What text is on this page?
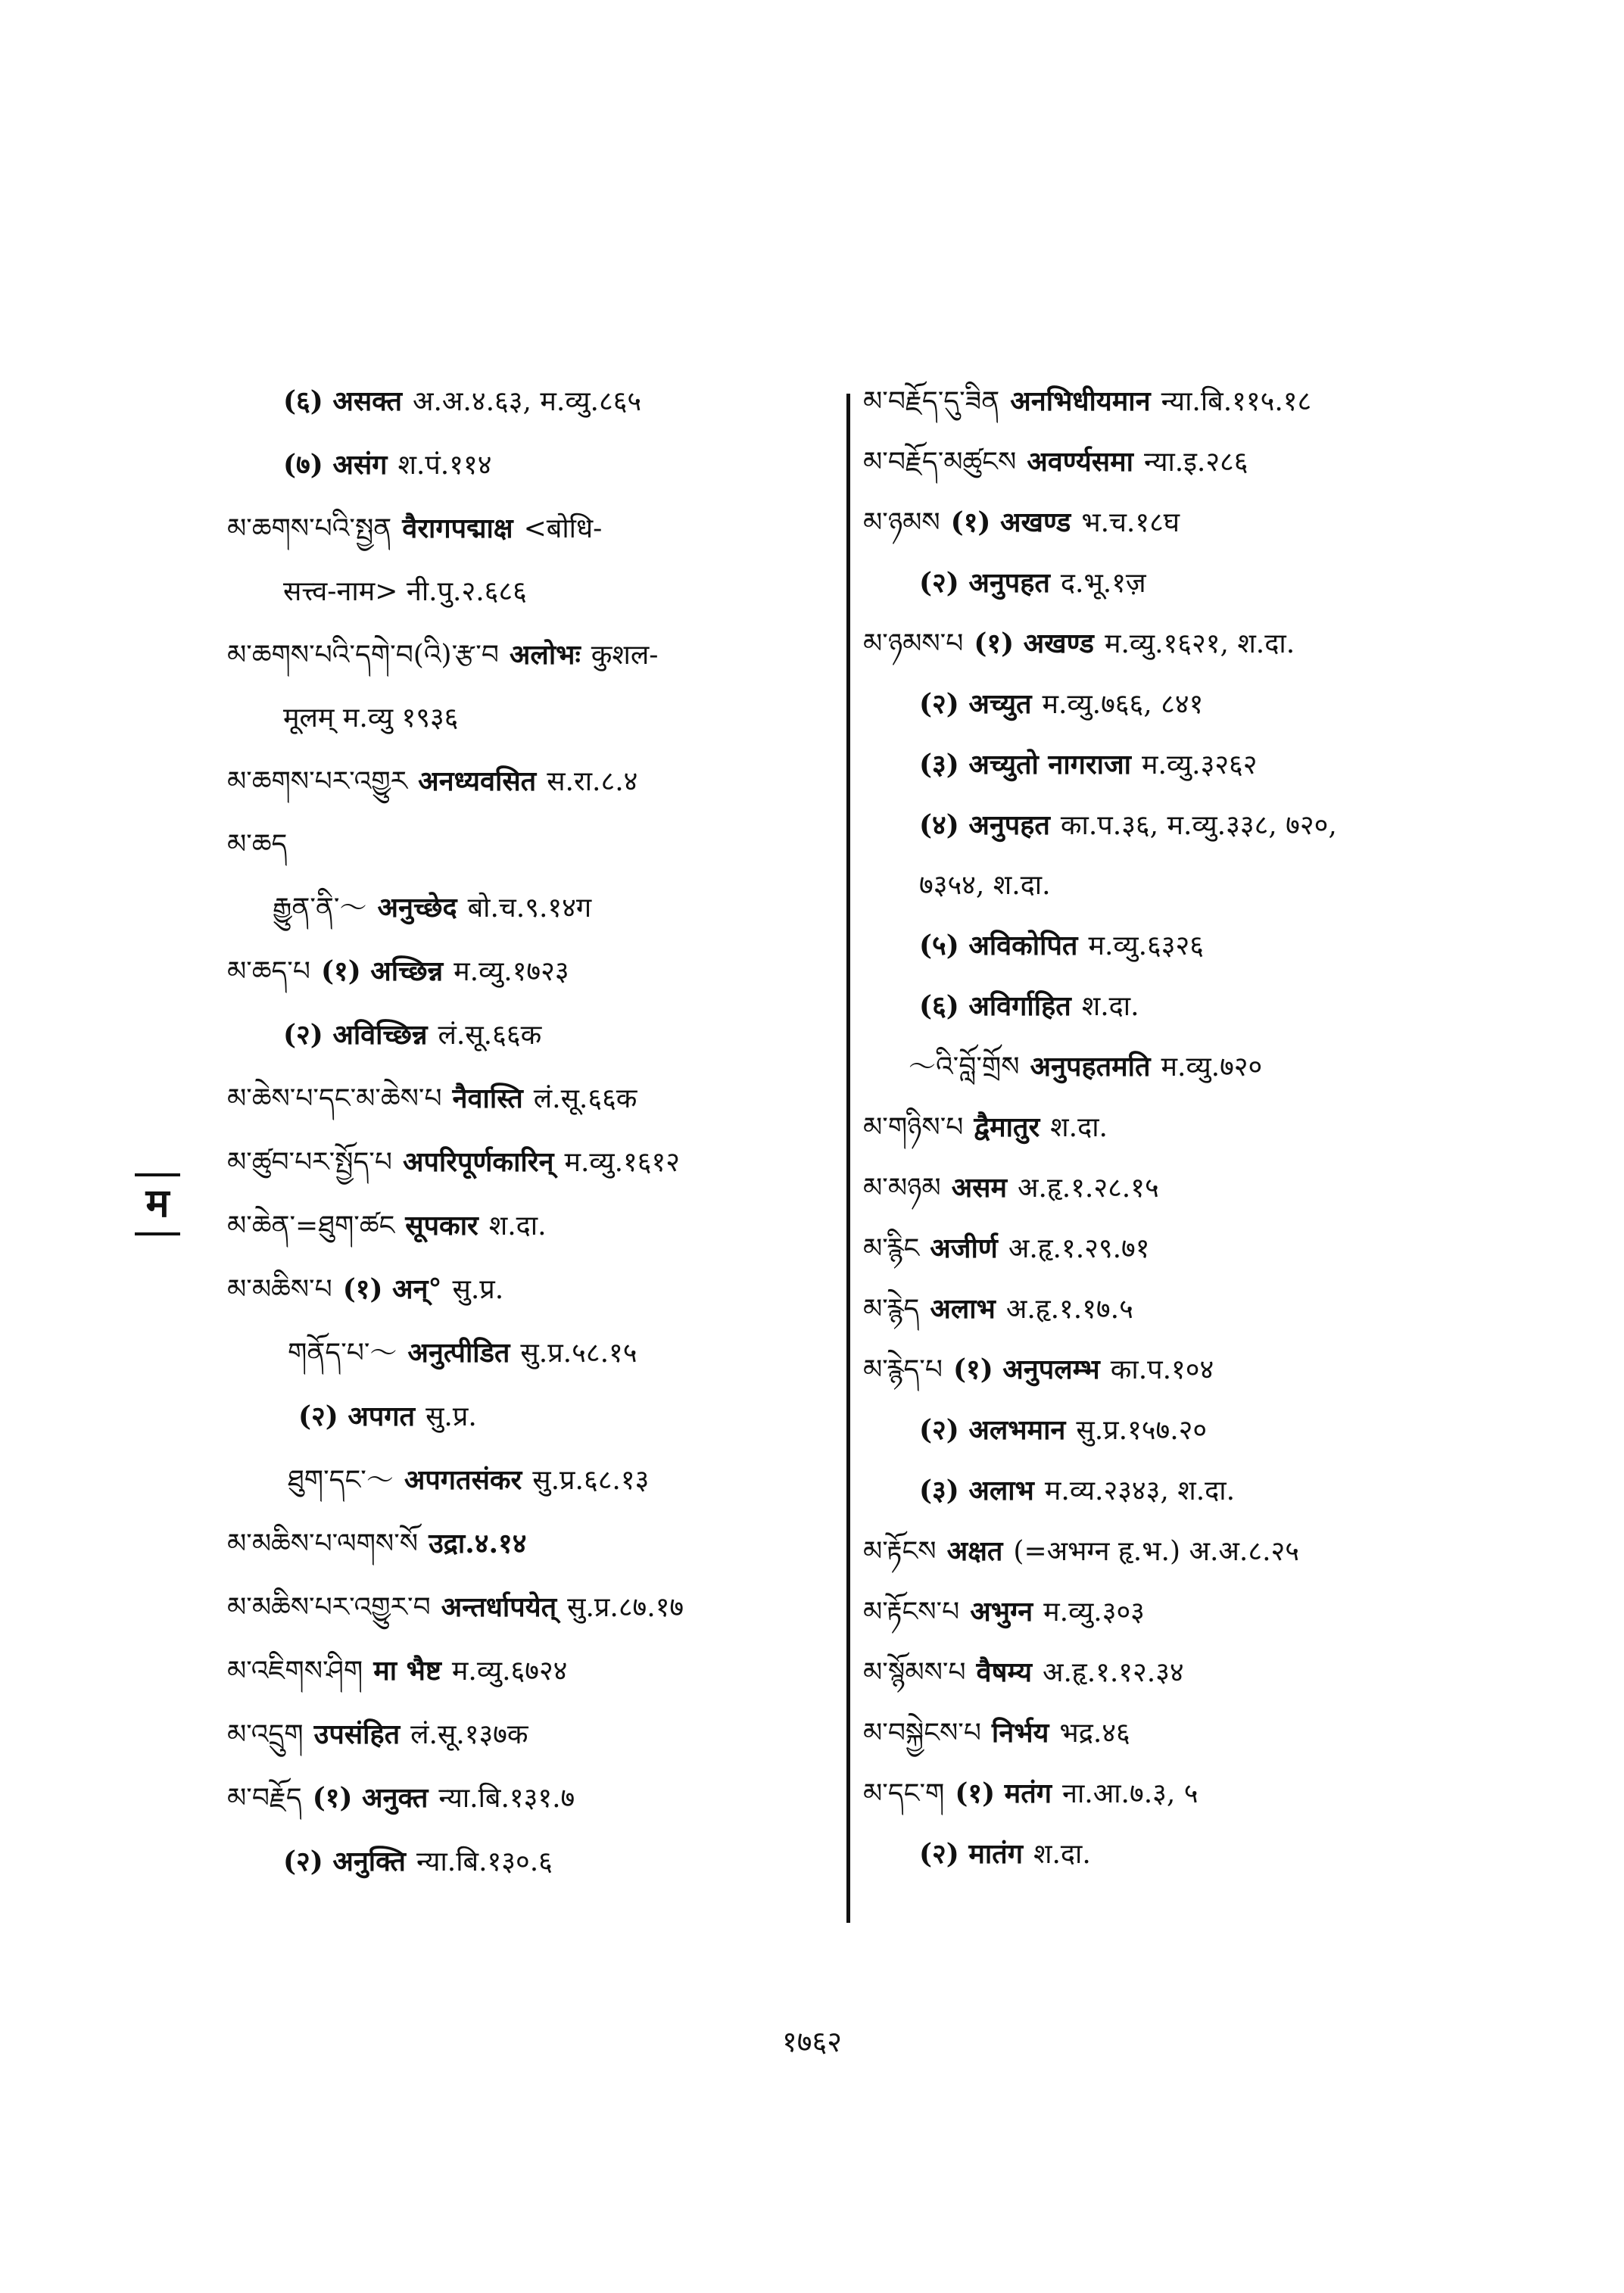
(६) असक्त अ.अ.४.६३, म.व्यु.८६५
(७) असंग श.पं.११४
མ་ཆགས་པའི་སྤྱན वैरागपद्माक्ष <बोधि-
सत्त्व-नाम> नी.पु.२.६८६
མ་ཆགས་པའི་དགེ་བ(འི)་རྩ་བ अलोभः कुशल-
मूलम् म.व्यु १९३६
མ་ཆགས་པར་འགྱུར अनध्यवसित स.रा.८.४
མ་ཆད
རྒྱུན་ནི་～ अनुच्छेद बो.च.९.१४ग
མ་ཆད་པ (१) अच्छिन्न म.व्यु.१७२३
(२) अविच्छिन्न लं.सू.६६क
མ་ཆེས་པ་དང་མ་ཆེས་པ नैवास्ति लं.सू.६६क
མ་ཚུབ་པར་སྤྱོད་པ अपरिपूर्णकारिन् म.व्यु.१६१२
མ་ཆེན་=ཐུག་ཚང सूपकार श.दा.
མ་མཆིས་པ (१) अन्° सु.प्र.
གནོད་པ་～ अनुत्पीडित सु.प्र.५८.१५
(२) अपगत सु.प्र.
ཐུག་དང་～ अपगतसंकर सु.प्र.६८.१३
མ་མཆིས་པ་ལགས་སོ उद्रा.४.१४
མ་མཆིས་པར་འགྱུར་བ अन्तर्धापयेत् सु.प्र.८७.१७
མ་འཇིགས་ཤིག मा भैष्ट म.व्यु.६७२४
མ་འདྲུག उपसंहित लं.सू.१३७क
མ་བརྗོད (१) अनुक्त न्या.बि.१३१.७
(२) अनुक्ति न्या.बि.१३०.६
མ་བརྗོད་དུ་ཟིན अनभिधीयमान न्या.बि.११५.१८
མ་བརྗོད་མཚུངས अवर्ण्यसमा न्या.इ.२८६
མ་ཉམས (१) अखण्ड भ.च.१८घ
(२) अनुपहत द.भू.१ज़
མ་ཉམས་པ (१) अखण्ड म.व्यु.१६२१, श.दा.
(२) अच्युत म.व्यु.७६६, ८४१
(३) अच्युतो नागराजा म.व्यु.३२६२
(४) अनुपहत का.प.३६, म.व्यु.३३८, ७२०,
७३५४, श.दा.
(५) अविकोपित म.व्यु.६३२६
(६) अविर्गाहित श.दा.
～འི་བློ་གྲོས अनुपहतमति म.व्यु.७२०
མ་གཉིས་པ द्वैमातुर श.दा.
མ་མཉམ असम अ.हृ.१.२८.१५
མ་རྙིང अजीर्ण अ.हृ.१.२९.७१
མ་རྙེད अलाभ अ.हृ.१.१७.५
མ་རྙེད་པ (१) अनुपलम्भ का.प.१०४
(२) अलभमान सु.प्र.१५७.२०
(३) अलाभ म.व्य.२३४३, श.दा.
མ་རྟོངས अक्षत (=अभग्न हृ.भ.) अ.अ.८.२५
མ་རྟོངས་པ अभुग्न म.व्यु.३०३
མ་སྙོམས་པ वैषम्य अ.हृ.१.१२.३४
མ་བསྐྱེངས་པ निर्भय भद्र.४६
མ་དང་ག (१) मतंग ना.आ.७.३, ५
(२) मातंग श.दा.
म
१७६२
